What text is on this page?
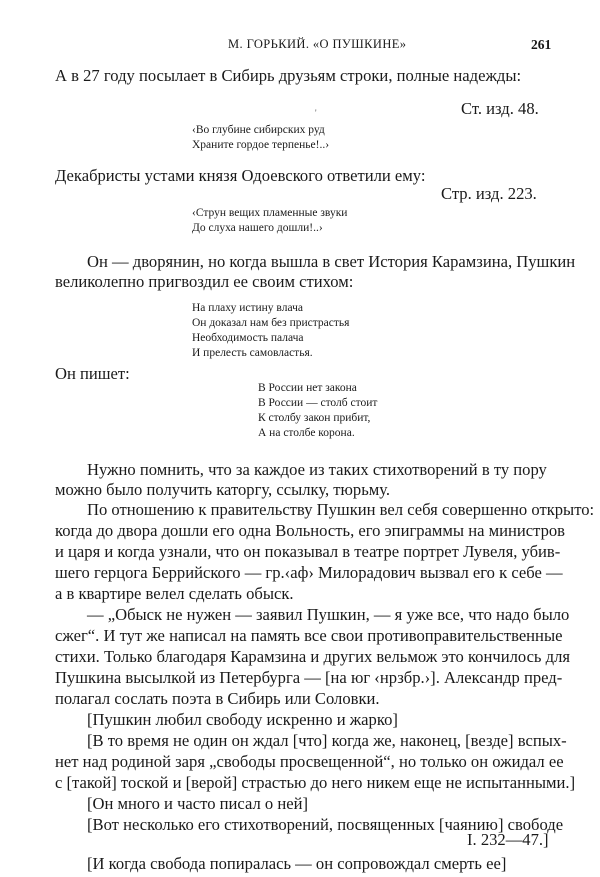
М. ГОРЬКИЙ. «О ПУШКИНЕ»	261
А в 27 году посылает в Сибирь друзьям строки, полные надежды:
'	Ст. изд. 48.
‹Во глубине сибирских руд
Храните гордое терпенье!..›
Декабристы устами князя Одоевского ответили ему:
Стр. изд. 223.
‹Струн вещих пламенные звуки
До слуха нашего дошли!..›
Он — дворянин, но когда вышла в свет История Карамзина, Пушкин
великолепно пригвоздил ее своим стихом:
На плаху истину влача
Он доказал нам без пристрастья
Необходимость палача
И прелесть самовластья.
Он пишет:
В России нет закона
В России — столб стоит
К столбу закон прибит,
А на столбе корона.
Нужно помнить, что за каждое из таких стихотворений в ту пору
можно было получить каторгу, ссылку, тюрьму.
По отношению к правительству Пушкин вел себя совершенно открыто:
когда до двора дошли его одна Вольность, его эпиграммы на министров
и царя и когда узнали, что он показывал в театре портрет Лувеля, убив-
шего герцога Беррийского — гр.‹аф› Милорадович вызвал его к себе —
а в квартире велел сделать обыск.
— „Обыск не нужен — заявил Пушкин, — я уже все, что надо было
сжег“. И тут же написал на память все свои противоправительственные
стихи. Только благодаря Карамзина и других вельмож это кончилось для
Пушкина высылкой из Петербурга — [на юг ‹нрзбр.›]. Александр пред-
полагал сослать поэта в Сибирь или Соловки.
[Пушкин любил свободу искренно и жарко]
[В то время не один он ждал [что] когда же, наконец, [везде] вспых-
нет над родиной заря „свободы просвещенной“, но только он ожидал ее
с [такой] тоской и [верой] страстью до него никем еще не испытанными.]
[Он много и часто писал о ней]
[Вот несколько его стихотворений, посвященных [чаянию] свободе
I. 232—47.]
[И когда свобода попиралась — он сопровождал смерть ее]
